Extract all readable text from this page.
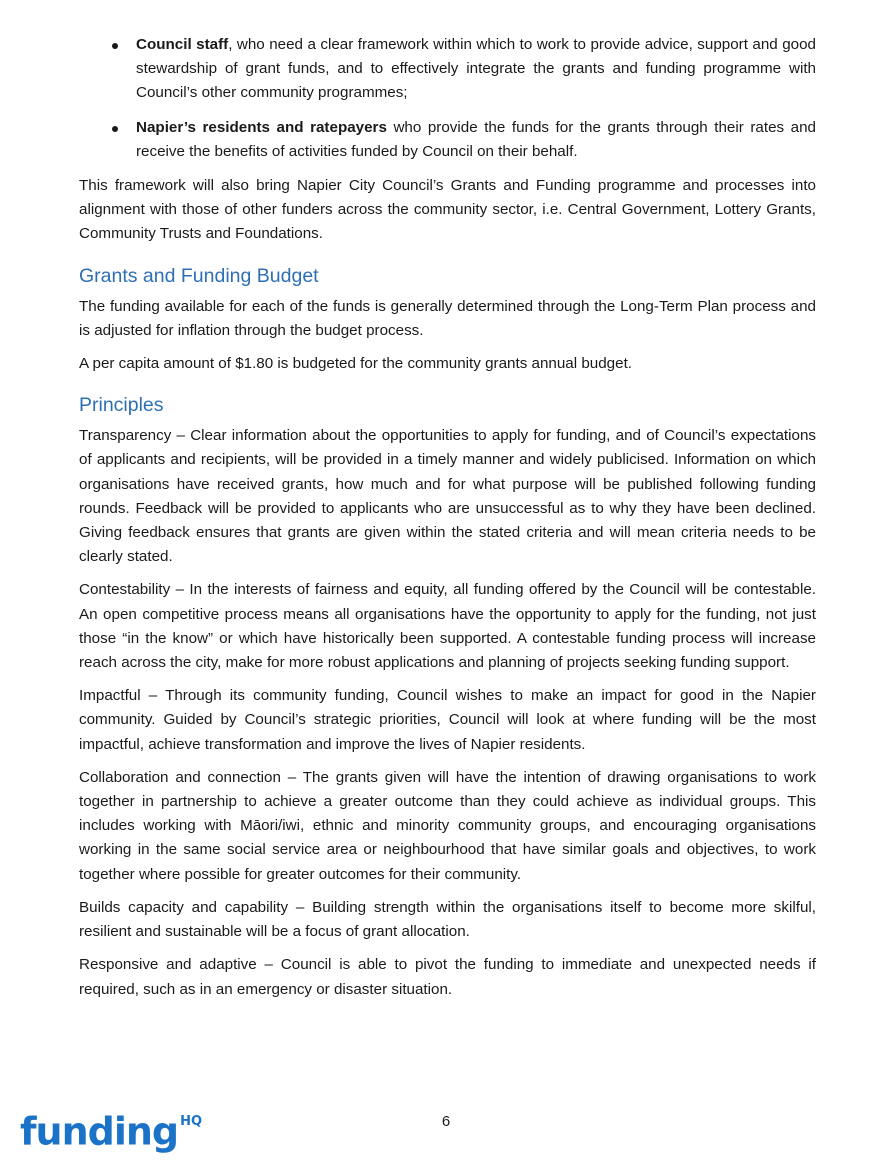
Council staff, who need a clear framework within which to work to provide advice, support and good stewardship of grant funds, and to effectively integrate the grants and funding programme with Council’s other community programmes;
Napier’s residents and ratepayers who provide the funds for the grants through their rates and receive the benefits of activities funded by Council on their behalf.

This framework will also bring Napier City Council’s Grants and Funding programme and processes into alignment with those of other funders across the community sector, i.e. Central Government, Lottery Grants, Community Trusts and Foundations.

Grants and Funding Budget

The funding available for each of the funds is generally determined through the Long-Term Plan process and is adjusted for inflation through the budget process.

A per capita amount of $1.80 is budgeted for the community grants annual budget.

Principles

Transparency – Clear information about the opportunities to apply for funding, and of Council’s expectations of applicants and recipients, will be provided in a timely manner and widely publicised. Information on which organisations have received grants, how much and for what purpose will be published following funding rounds. Feedback will be provided to applicants who are unsuccessful as to why they have been declined. Giving feedback ensures that grants are given within the stated criteria and will mean criteria needs to be clearly stated.

Contestability – In the interests of fairness and equity, all funding offered by the Council will be contestable. An open competitive process means all organisations have the opportunity to apply for the funding, not just those “in the know” or which have historically been supported. A contestable funding process will increase reach across the city, make for more robust applications and planning of projects seeking funding support.

Impactful – Through its community funding, Council wishes to make an impact for good in the Napier community. Guided by Council’s strategic priorities, Council will look at where funding will be the most impactful, achieve transformation and improve the lives of Napier residents.

Collaboration and connection – The grants given will have the intention of drawing organisations to work together in partnership to achieve a greater outcome than they could achieve as individual groups. This includes working with Māori/iwi, ethnic and minority community groups, and encouraging organisations working in the same social service area or neighbourhood that have similar goals and objectives, to work together where possible for greater outcomes for their community.

Builds capacity and capability – Building strength within the organisations itself to become more skilful, resilient and sustainable will be a focus of grant allocation.

Responsive and adaptive – Council is able to pivot the funding to immediate and unexpected needs if required, such as in an emergency or disaster situation.

funding $^{HQ}$	6
